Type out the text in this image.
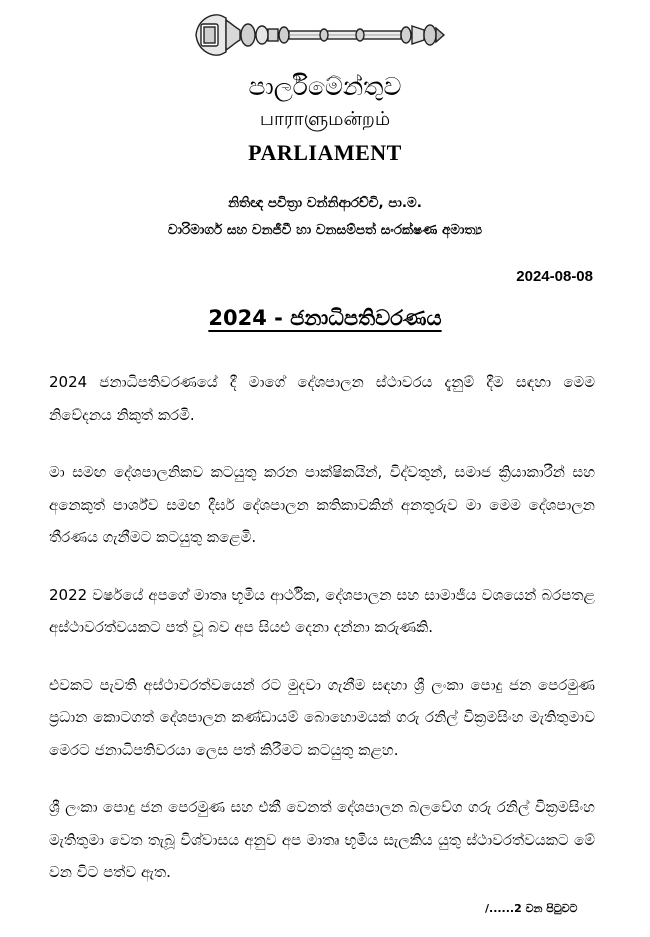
පාර්ලිමේන්තුව
பாராளுமன்றம்
PARLIAMENT
නිතිඥ පවිත්‍රා වන්නිආරච්චි, පා.ම.
වාරිමාර්ග සහ වනජීවී හා වනසම්පත් සංරක්ෂණ අමාත්‍ය
2024-08-08
2024 - ජනාධිපතිවරණය

2024 ජනාධිපතිවරණයේ දී මාගේ දේශපාලන ස්ථාවරය දැනුම් දීම සඳහා මෙම නිවේදනය නිකුත් කරමි.

මා සමඟ දේශපාලනිකව කටයුතු කරන පාක්ෂිකයින්, විද්වතුන්, සමාජ ක්‍රියාකාරීන් සහ අනෙකුත් පාර්ශ්ව සමඟ දීර්ඝ දේශපාලන කතිකාවකින් අනතුරුව මා මෙම දේශපාලන තීරණය ගැනීමට කටයුතු කළෙමි.

2022 වර්ෂයේ අපගේ මාතෘ භූමිය ආර්ථික, දේශපාලන සහ සාමාජීය වශයෙන් බරපතළ අස්ථාවරත්වයකට පත් වූ බව අප සියළු දෙනා දන්නා කරුණකි.

එවකට පැවති අස්ථාවරත්වයෙන් රට මුදවා ගැනීම සඳහා ශ්‍රී ලංකා පොදු ජන පෙරමුණ ප්‍රධාන කොටගත් දේශපාලන කණ්ඩායම් බොහොමයක් ගරු රනිල් වික්‍රමසිංහ මැතිතුමාව මෙරට ජනාධිපතිවරයා ලෙස පත් කිරීමට කටයුතු කළහ.

ශ්‍රී ලංකා පොදු ජන පෙරමුණ සහ එකී වෙනත් දේශපාලන බලවේග ගරු රනිල් වික්‍රමසිංහ මැතිතුමා වෙත තැබූ විශ්වාසය අනුව අප මාතෘ භූමිය සැලකිය යුතු ස්ථාවරත්වයකට මේ වන විට පත්ව ඇත.

/......2 වන පිටුවට
